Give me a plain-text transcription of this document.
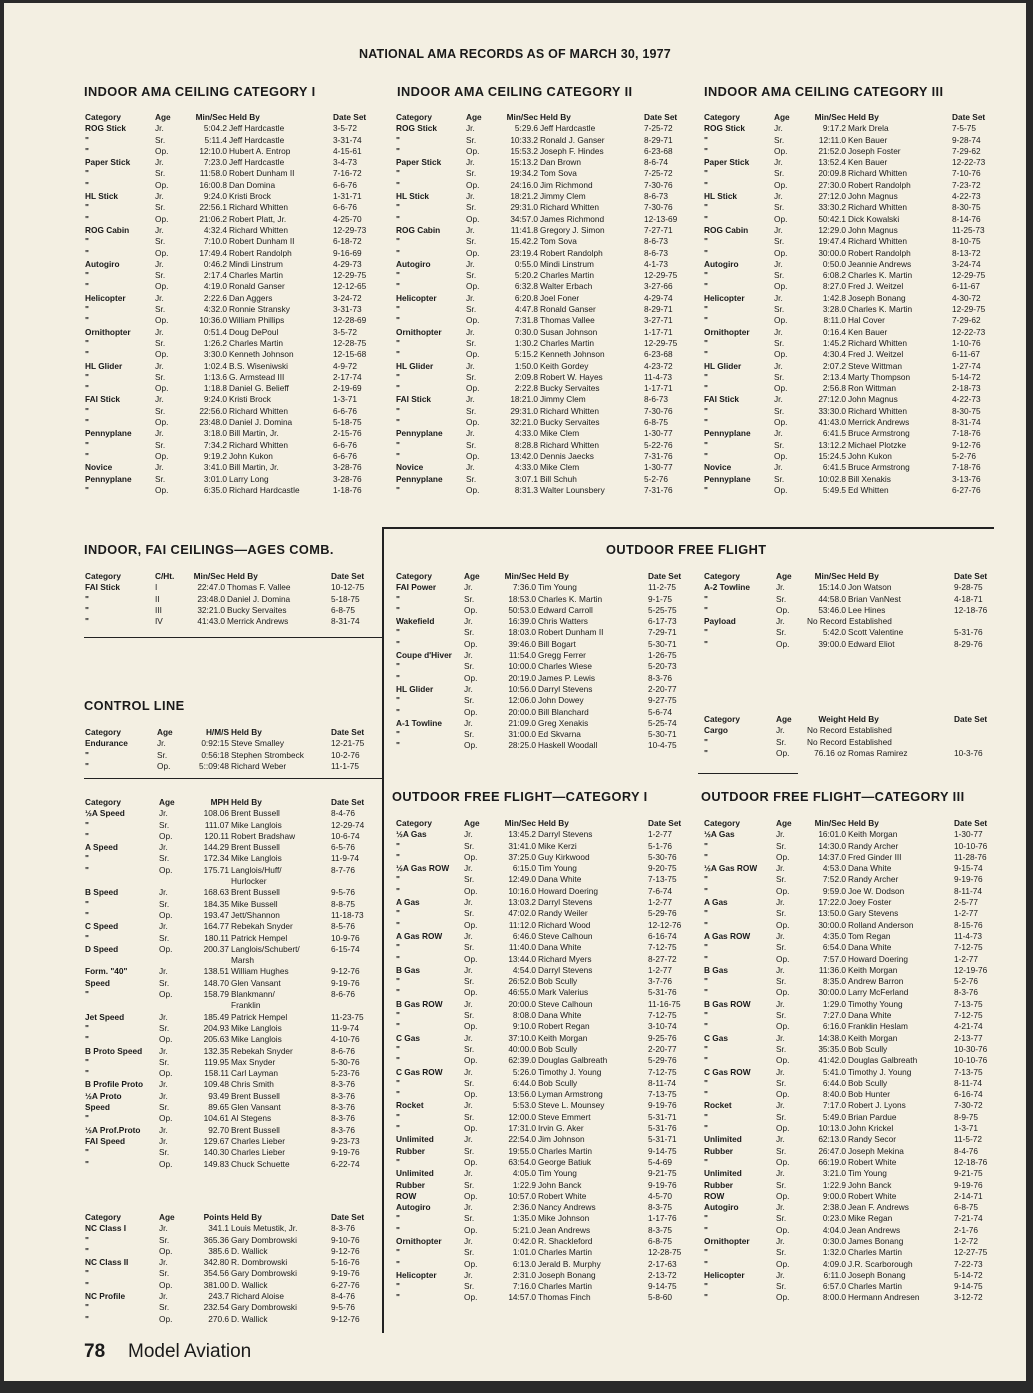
NATIONAL AMA RECORDS AS OF MARCH 30, 1977
INDOOR AMA CEILING CATEGORY I	INDOOR AMA CEILING CATEGORY II	INDOOR AMA CEILING CATEGORY III
INDOOR, FAI CEILINGS—AGES COMB.	OUTDOOR FREE FLIGHT
CONTROL LINE
OUTDOOR FREE FLIGHT—CATEGORY I	OUTDOOR FREE FLIGHT—CATEGORY III
Category	Age	Min/Sec	Held By	Date Set
ROG Stick	Jr.	5:04.2	Jeff Hardcastle	3-5-72
"	Sr.	5:11.4	Jeff Hardcastle	3-31-74
"	Op.	12:10.0	Hubert A. Entrop	4-15-61
Paper Stick	Jr.	7:23.0	Jeff Hardcastle	3-4-73
"	Sr.	11:58.0	Robert Dunham II	7-16-72
"	Op.	16:00.8	Dan Domina	6-6-76
HL Stick	Jr.	9:24.0	Kristi Brock	1-31-71
"	Sr.	22:56.1	Richard Whitten	6-6-76
"	Op.	21:06.2	Robert Platt, Jr.	4-25-70
ROG Cabin	Jr.	4:32.4	Richard Whitten	12-29-73
"	Sr.	7:10.0	Robert Dunham II	6-18-72
"	Op.	17:49.4	Robert Randolph	9-16-69
Autogiro	Jr.	0:46.2	Mindi Linstrum	4-29-73
"	Sr.	2:17.4	Charles Martin	12-29-75
"	Op.	4:19.0	Ronald Ganser	12-12-65
Helicopter	Jr.	2:22.6	Dan Aggers	3-24-72
"	Sr.	4:32.0	Ronnie Stransky	3-31-73
"	Op.	10:36.0	William Phillips	12-28-69
Ornithopter	Jr.	0:51.4	Doug DePoul	3-5-72
"	Sr.	1:26.2	Charles Martin	12-28-75
"	Op.	3:30.0	Kenneth Johnson	12-15-68
HL Glider	Jr.	1:02.4	B.S. Wiseniwski	4-9-72
"	Sr.	1:13.6	G. Armstead III	2-17-74
"	Op.	1:18.8	Daniel G. Belieff	2-19-69
FAI Stick	Jr.	9:24.0	Kristi Brock	1-3-71
"	Sr.	22:56.0	Richard Whitten	6-6-76
"	Op.	23:48.0	Daniel J. Domina	5-18-75
Pennyplane	Jr.	3:18.0	Bill Martin, Jr.	2-15-76
"	Sr.	7:34.2	Richard Whitten	6-6-76
"	Op.	9:19.2	John Kukon	6-6-76
Novice	Jr.	3:41.0	Bill Martin, Jr.	3-28-76
Pennyplane	Sr.	3:01.0	Larry Long	3-28-76
"	Op.	6:35.0	Richard Hardcastle	1-18-76
Category	Age	Min/Sec	Held By	Date Set
ROG Stick	Jr.	5:29.6	Jeff Hardcastle	7-25-72
"	Sr.	10:33.2	Ronald J. Ganser	8-29-71
"	Op.	15:53.2	Joseph F. Hindes	6-23-68
Paper Stick	Jr.	15:13.2	Dan Brown	8-6-74
"	Sr.	19:34.2	Tom Sova	7-25-72
"	Op.	24:16.0	Jim Richmond	7-30-76
HL Stick	Jr.	18:21.2	Jimmy Clem	8-6-73
"	Sr.	29:31.0	Richard Whitten	7-30-76
"	Op.	34:57.0	James Richmond	12-13-69
ROG Cabin	Jr.	11:41.8	Gregory J. Simon	7-27-71
"	Sr.	15.42.2	Tom Sova	8-6-73
"	Op.	23:19.4	Robert Randolph	8-6-73
Autogiro	Jr.	0:55.0	Mindi Linstrum	4-1-73
"	Sr.	5:20.2	Charles Martin	12-29-75
"	Op.	6:32.8	Walter Erbach	3-27-66
Helicopter	Jr.	6:20.8	Joel Foner	4-29-74
"	Sr.	4:47.8	Ronald Ganser	8-29-71
"	Op.	7:31.8	Thomas Vallee	3-27-71
Ornithopter	Jr.	0:30.0	Susan Johnson	1-17-71
"	Sr.	1:30.2	Charles Martin	12-29-75
"	Op.	5:15.2	Kenneth Johnson	6-23-68
HL Glider	Jr.	1:50.0	Keith Gordey	4-23-72
"	Sr.	2:09.8	Robert W. Hayes	11-4-73
"	Op.	2:22.8	Bucky Servaites	1-17-71
FAI Stick	Jr.	18:21.0	Jimmy Clem	8-6-73
"	Sr.	29:31.0	Richard Whitten	7-30-76
"	Op.	32:21.0	Bucky Servaites	6-8-75
Pennyplane	Jr.	4:33.0	Mike Clem	1-30-77
"	Sr.	8:28.8	Richard Whitten	5-22-76
"	Op.	13:42.0	Dennis Jaecks	7-31-76
Novice	Jr.	4:33.0	Mike Clem	1-30-77
Pennyplane	Sr.	3:07.1	Bill Schuh	5-2-76
"	Op.	8:31.3	Walter Lounsbery	7-31-76
Category	Age	Min/Sec	Held By	Date Set
ROG Stick	Jr.	9:17.2	Mark Drela	7-5-75
"	Sr.	12:11.0	Ken Bauer	9-28-74
"	Op.	21:52.0	Joseph Foster	7-29-62
Paper Stick	Jr.	13:52.4	Ken Bauer	12-22-73
"	Sr.	20:09.8	Richard Whitten	7-10-76
"	Op.	27:30.0	Robert Randolph	7-23-72
HL Stick	Jr.	27:12.0	John Magnus	4-22-73
"	Sr.	33:30.2	Richard Whitten	8-30-75
"	Op.	50:42.1	Dick Kowalski	8-14-76
ROG Cabin	Jr.	12:29.0	John Magnus	11-25-73
"	Sr.	19:47.4	Richard Whitten	8-10-75
"	Op.	30:00.0	Robert Randolph	8-13-72
Autogiro	Jr.	0:50.0	Jeannie Andrews	3-24-74
"	Sr.	6:08.2	Charles K. Martin	12-29-75
"	Op.	8:27.0	Fred J. Weitzel	6-11-67
Helicopter	Jr.	1:42.8	Joseph Bonang	4-30-72
"	Sr.	3:28.0	Charles K. Martin	12-29-75
"	Op.	8:11.0	Hal Cover	7-29-62
Ornithopter	Jr.	0:16.4	Ken Bauer	12-22-73
"	Sr.	1:45.2	Richard Whitten	1-10-76
"	Op.	4:30.4	Fred J. Weitzel	6-11-67
HL Glider	Jr.	2:07.2	Steve Wittman	1-27-74
"	Sr.	2:13.4	Marty Thompson	5-14-72
"	Op.	2:56.8	Ron Wittman	2-18-73
FAI Stick	Jr.	27:12.0	John Magnus	4-22-73
"	Sr.	33:30.0	Richard Whitten	8-30-75
"	Op.	41:43.0	Merrick Andrews	8-31-74
Pennyplane	Jr.	6:41.5	Bruce Armstrong	7-18-76
"	Sr.	13:12.2	Michael Plotzke	9-12-76
"	Op.	15:24.5	John Kukon	5-2-76
Novice	Jr.	6:41.5	Bruce Armstrong	7-18-76
Pennyplane	Sr.	10:02.8	Bill Xenakis	3-13-76
"	Op.	5:49.5	Ed Whitten	6-27-76
Category	C/Ht.	Min/Sec	Held By	Date Set
FAI Stick	I	22:47.0	Thomas F. Vallee	10-12-75
"	II	23:48.0	Daniel J. Domina	5-18-75
"	III	32:21.0	Bucky Servaites	6-8-75
"	IV	41:43.0	Merrick Andrews	8-31-74
Category	Age	Min/Sec	Held By	Date Set
FAI Power	Jr.	7:36.0	Tim Young	11-2-75
"	Sr.	18:53.0	Charles K. Martin	9-1-75
"	Op.	50:53.0	Edward Carroll	5-25-75
Wakefield	Jr.	16:39.0	Chris Watters	6-17-73
"	Sr.	18:03.0	Robert Dunham II	7-29-71
"	Op.	39:46.0	Bill Bogart	5-30-71
Coupe d'Hiver	Jr.	11:54.0	Gregg Ferrer	1-26-75
"	Sr.	10:00.0	Charles Wiese	5-20-73
"	Op.	20:19.0	James P. Lewis	8-3-76
HL Glider	Jr.	10:56.0	Darryl Stevens	2-20-77
"	Sr.	12:06.0	John Dowey	9-27-75
"	Op.	20:00.0	Bill Blanchard	5-6-74
A-1 Towline	Jr.	21:09.0	Greg Xenakis	5-25-74
"	Sr.	31:00.0	Ed Skvarna	5-30-71
"	Op.	28:25.0	Haskell Woodall	10-4-75
Category	Age	Min/Sec	Held By	Date Set
A-2 Towline	Jr.	15:14.0	Jon Watson	9-28-75
"	Sr.	44:58.0	Brian VanNest	4-18-71
"	Op.	53:46.0	Lee Hines	12-18-76
Payload	Jr.	No Record Established		
"	Sr.	5:42.0	Scott Valentine	5-31-76
"	Op.	39:00.0	Edward Eliot	8-29-76
Category	Age	Weight	Held By	Date Set
Cargo	Jr.	No Record Established		
"	Sr.	No Record Established		
"	Op.	76.16 oz	Romas Ramirez	10-3-76
Category	Age	H/M/S	Held By	Date Set
Endurance	Jr.	0:92:15	Steve Smalley	12-21-75
"	Sr.	0:56:18	Stephen Strombeck	10-2-76
"	Op.	5::09:48	Richard Weber	11-1-75
Category	Age	MPH	Held By	Date Set
½A Speed	Jr.	108.06	Brent Bussell	8-4-76
"	Sr.	111.07	Mike Langlois	12-29-74
"	Op.	120.11	Robert Bradshaw	10-6-74
A Speed	Jr.	144.29	Brent Bussell	6-5-76
"	Sr.	172.34	Mike Langlois	11-9-74
"	Op.	175.71	Langlois/Huff/	8-7-76
			Hurlocker	
B Speed	Jr.	168.63	Brent Bussell	9-5-76
"	Sr.	184.35	Mike Bussell	8-8-75
"	Op.	193.47	Jett/Shannon	11-18-73
C Speed	Jr.	164.77	Rebekah Snyder	8-5-76
"	Sr.	180.11	Patrick Hempel	10-9-76
D Speed	Op.	200.37	Langlois/Schubert/	6-15-74
			Marsh	
Form. "40"	Jr.	138.51	William Hughes	9-12-76
Speed	Sr.	148.70	Glen Vansant	9-19-76
"	Op.	158.79	Blankmann/	8-6-76
			Franklin	
Jet Speed	Jr.	185.49	Patrick Hempel	11-23-75
"	Sr.	204.93	Mike Langlois	11-9-74
"	Op.	205.63	Mike Langlois	4-10-76
B Proto Speed	Jr.	132.35	Rebekah Snyder	8-6-76
"	Sr.	119.95	Max Snyder	5-30-76
"	Op.	158.11	Carl Layman	5-23-76
B Profile Proto	Jr.	109.48	Chris Smith	8-3-76
½A Proto	Jr.	93.49	Brent Bussell	8-3-76
Speed	Sr.	89.65	Glen Vansant	8-3-76
"	Op.	104.61	Al Stegens	8-3-76
½A Prof.Proto	Jr.	92.70	Brent Bussell	8-3-76
FAI Speed	Jr.	129.67	Charles Lieber	9-23-73
"	Sr.	140.30	Charles Lieber	9-19-76
"	Op.	149.83	Chuck Schuette	6-22-74
Category	Age	Points	Held By	Date Set
NC Class I	Jr.	341.1	Louis Metustik, Jr.	8-3-76
"	Sr.	365.36	Gary Dombrowski	9-10-76
"	Op.	385.6	D. Wallick	9-12-76
NC Class II	Jr.	342.80	R. Dombrowski	5-16-76
"	Sr.	354.56	Gary Dombrowski	9-19-76
"	Op.	381.00	D. Wallick	6-27-76
NC Profile	Jr.	243.7	Richard Aloise	8-4-76
"	Sr.	232.54	Gary Dombrowski	9-5-76
"	Op.	270.6	D. Wallick	9-12-76
Category	Age	Min/Sec	Held By	Date Set
½A Gas	Jr.	13:45.2	Darryl Stevens	1-2-77
"	Sr.	31:41.0	Mike Kerzi	5-1-76
"	Op.	37:25.0	Guy Kirkwood	5-30-76
½A Gas ROW	Jr.	6:15.0	Tim Young	9-20-75
"	Sr.	12:49.0	Dana White	7-13-75
"	Op.	10:16.0	Howard Doering	7-6-74
A Gas	Jr.	13:03.2	Darryl Stevens	1-2-77
"	Sr.	47:02.0	Randy Weiler	5-29-76
"	Op.	11:12.0	Richard Wood	12-12-76
A Gas ROW	Jr.	6:46.0	Steve Calhoun	6-16-74
"	Sr.	11:40.0	Dana White	7-12-75
"	Op.	13:44.0	Richard Myers	8-27-72
B Gas	Jr.	4:54.0	Darryl Stevens	1-2-77
"	Sr.	26:52.0	Bob Scully	3-7-76
"	Op.	46:55.0	Mark Valerius	5-31-76
B Gas ROW	Jr.	20:00.0	Steve Calhoun	11-16-75
"	Sr.	8:08.0	Dana White	7-12-75
"	Op.	9:10.0	Robert Regan	3-10-74
C Gas	Jr.	37:10.0	Keith Morgan	9-25-76
"	Sr.	40:00.0	Bob Scully	2-20-77
"	Op.	62:39.0	Douglas Galbreath	5-29-76
C Gas ROW	Jr.	5:26.0	Timothy J. Young	7-12-75
"	Sr.	6:44.0	Bob Scully	8-11-74
"	Op.	13:56.0	Lyman Armstrong	7-13-75
Rocket	Jr.	5:53.0	Steve L. Mounsey	9-19-76
"	Sr.	12:00.0	Steve Emmert	5-31-71
"	Op.	17:31.0	Irvin G. Aker	5-31-76
Unlimited	Jr.	22:54.0	Jim Johnson	5-31-71
Rubber	Sr.	19:55.0	Charles Martin	9-14-75
"	Op.	63:54.0	George Batiuk	5-4-69
Unlimited	Jr.	4:05.0	Tim Young	9-21-75
Rubber	Sr.	1:22.9	John Banck	9-19-76
ROW	Op.	10:57.0	Robert White	4-5-70
Autogiro	Jr.	2:36.0	Nancy Andrews	8-3-75
"	Sr.	1:35.0	Mike Johnson	1-17-76
"	Op.	5:21.0	Jean Andrews	8-3-75
Ornithopter	Jr.	0:42.0	R. Shackleford	6-8-75
"	Sr.	1:01.0	Charles Martin	12-28-75
"	Op.	6:13.0	Jerald B. Murphy	2-17-63
Helicopter	Jr.	2:31.0	Joseph Bonang	2-13-72
"	Sr.	7:16.0	Charles Martin	9-14-75
"	Op.	14:57.0	Thomas Finch	5-8-60
Category	Age	Min/Sec	Held By	Date Set
½A Gas	Jr.	16:01.0	Keith Morgan	1-30-77
"	Sr.	14:30.0	Randy Archer	10-10-76
"	Op.	14:37.0	Fred Ginder III	11-28-76
½A Gas ROW	Jr.	4:53.0	Dana White	9-15-74
"	Sr.	7:52.0	Randy Archer	9-19-76
"	Op.	9:59.0	Joe W. Dodson	8-11-74
A Gas	Jr.	17:22.0	Joey Foster	2-5-77
"	Sr.	13:50.0	Gary Stevens	1-2-77
"	Op.	30:00.0	Rolland Anderson	8-15-76
A Gas ROW	Jr.	4:35.0	Tom Regan	11-4-73
"	Sr.	6:54.0	Dana White	7-12-75
"	Op.	7:57.0	Howard Doering	1-2-77
B Gas	Jr.	11:36.0	Keith Morgan	12-19-76
"	Sr.	8:35.0	Andrew Barron	5-2-76
"	Op.	30:00.0	Larry McFerland	8-3-76
B Gas ROW	Jr.	1:29.0	Timothy Young	7-13-75
"	Sr.	7:27.0	Dana White	7-12-75
"	Op.	6:16.0	Franklin Heslam	4-21-74
C Gas	Jr.	14:38.0	Keith Morgan	2-13-77
"	Sr.	35:35.0	Bob Scully	10-30-76
"	Op.	41:42.0	Douglas Galbreath	10-10-76
C Gas ROW	Jr.	5:41.0	Timothy J. Young	7-13-75
"	Sr.	6:44.0	Bob Scully	8-11-74
"	Op.	8:40.0	Bob Hunter	6-16-74
Rocket	Jr.	7:17.0	Robert J. Lyons	7-30-72
"	Sr.	5:49.0	Brian Pardue	8-9-75
"	Op.	10:13.0	John Krickel	1-3-71
Unlimited	Jr.	62:13.0	Randy Secor	11-5-72
Rubber	Sr.	26:47.0	Joseph Mekina	8-4-76
"	Op.	66:19.0	Robert White	12-18-76
Unlimited	Jr.	3:21.0	Tim Young	9-21-75
Rubber	Sr.	1:22.9	John Banck	9-19-76
ROW	Op.	9:00.0	Robert White	2-14-71
Autogiro	Jr.	2:38.0	Jean F. Andrews	6-8-75
"	Sr.	0:23.0	Mike Regan	7-21-74
"	Op.	4:04.0	Jean Andrews	2-1-76
Ornithopter	Jr.	0:30.0	James Bonang	1-2-72
"	Sr.	1:32.0	Charles Martin	12-27-75
"	Op.	4:09.0	J.R. Scarborough	7-22-73
Helicopter	Jr.	6:11.0	Joseph Bonang	5-14-72
"	Sr.	6:57.0	Charles Martin	9-14-75
"	Op.	8:00.0	Hermann Andresen	3-12-72
78 Model Aviation
